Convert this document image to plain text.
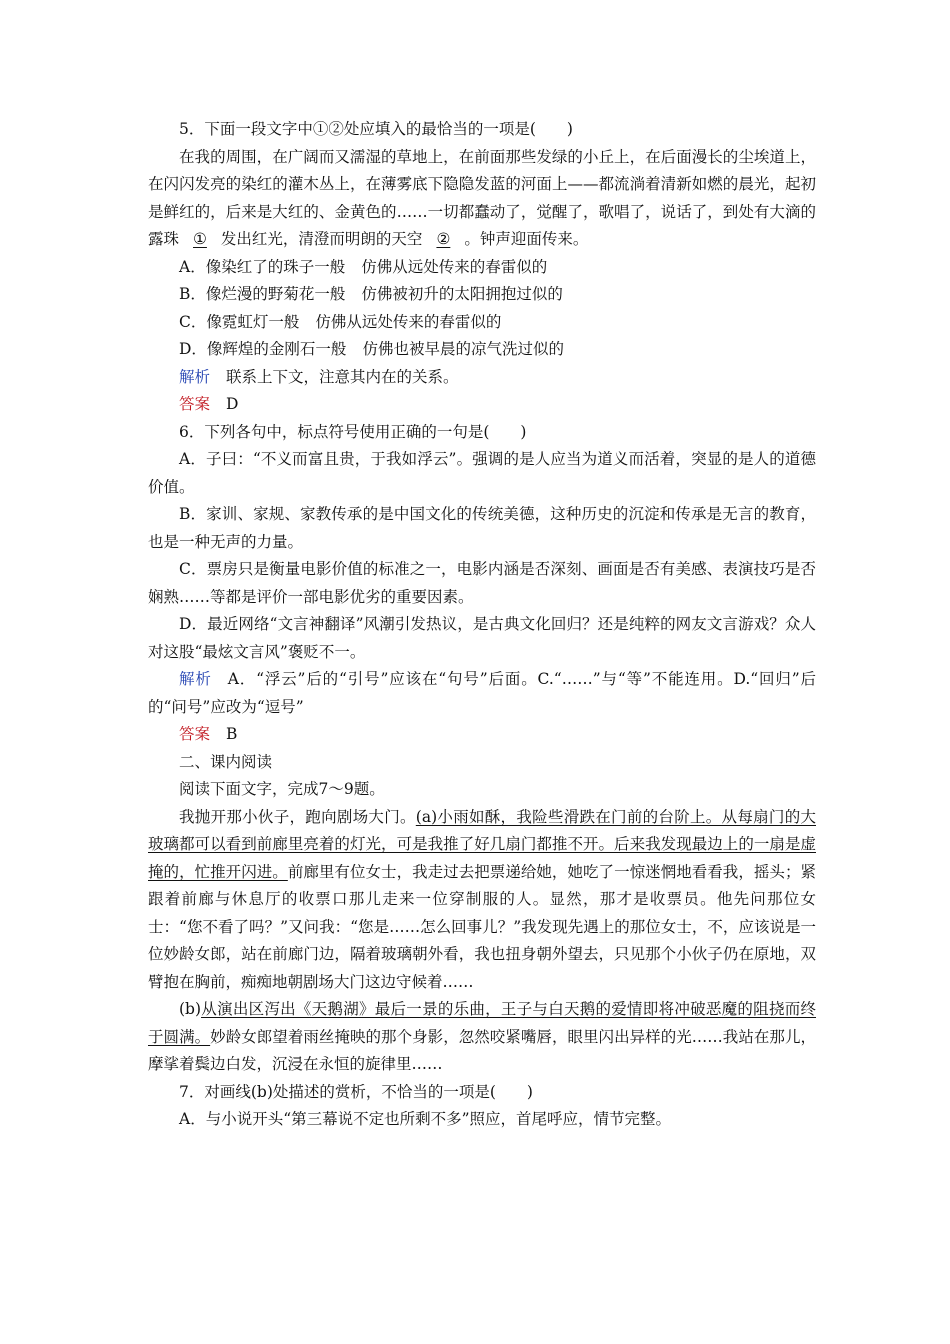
5．下面一段文字中①②处应填入的最恰当的一项是(　　)

在我的周围，在广阔而又濡湿的草地上，在前面那些发绿的小丘上，在后面漫长的尘埃道上，在闪闪发亮的染红的灌木丛上，在薄雾底下隐隐发蓝的河面上——都流淌着清新如燃的晨光，起初是鲜红的，后来是大红的、金黄色的……一切都蠢动了，觉醒了，歌唱了，说话了，到处有大滴的露珠 ① 发出红光，清澄而明朗的天空 ② 。钟声迎面传来。

A．像染红了的珠子一般 仿佛从远处传来的春雷似的

B．像烂漫的野菊花一般 仿佛被初升的太阳拥抱过似的

C．像霓虹灯一般 仿佛从远处传来的春雷似的

D．像辉煌的金刚石一般 仿佛也被早晨的凉气洗过似的

解析 联系上下文，注意其内在的关系。

答案 D

6．下列各句中，标点符号使用正确的一句是(　　)

A．子曰：“不义而富且贵，于我如浮云”。强调的是人应当为道义而活着，突显的是人的道德价值。

B．家训、家规、家教传承的是中国文化的传统美德，这种历史的沉淀和传承是无言的教育，也是一种无声的力量。

C．票房只是衡量电影价值的标准之一，电影内涵是否深刻、画面是否有美感、表演技巧是否娴熟……等都是评价一部电影优劣的重要因素。

D．最近网络“文言神翻译”风潮引发热议，是古典文化回归？还是纯粹的网友文言游戏？众人对这股“最炫文言风”褒贬不一。

解析 A．“浮云”后的“引号”应该在“句号”后面。C.“……”与“等”不能连用。D.“回归”后的“问号”应改为“逗号”

答案 B

二、课内阅读

阅读下面文字，完成7～9题。

我抛开那小伙子，跑向剧场大门。(a)小雨如酥，我险些滑跌在门前的台阶上。从每扇门的大玻璃都可以看到前廊里亮着的灯光，可是我推了好几扇门都推不开。后来我发现最边上的一扇是虚掩的，忙推开闪进。前廊里有位女士，我走过去把票递给她，她吃了一惊迷惘地看看我，摇头；紧跟着前廊与休息厅的收票口那儿走来一位穿制服的人。显然，那才是收票员。他先问那位女士：“您不看了吗？”又问我：“您是……怎么回事儿？”我发现先遇上的那位女士，不，应该说是一位妙龄女郎，站在前廊门边，隔着玻璃朝外看，我也扭身朝外望去，只见那个小伙子仍在原地，双臂抱在胸前，痴痴地朝剧场大门这边守候着……

(b)从演出区泻出《天鹅湖》最后一景的乐曲，王子与白天鹅的爱情即将冲破恶魔的阻挠而终于圆满。妙龄女郎望着雨丝掩映的那个身影，忽然咬紧嘴唇，眼里闪出异样的光……我站在那儿，摩挲着鬓边白发，沉浸在永恒的旋律里……

7．对画线(b)处描述的赏析，不恰当的一项是(　　)

A．与小说开头“第三幕说不定也所剩不多”照应，首尾呼应，情节完整。
